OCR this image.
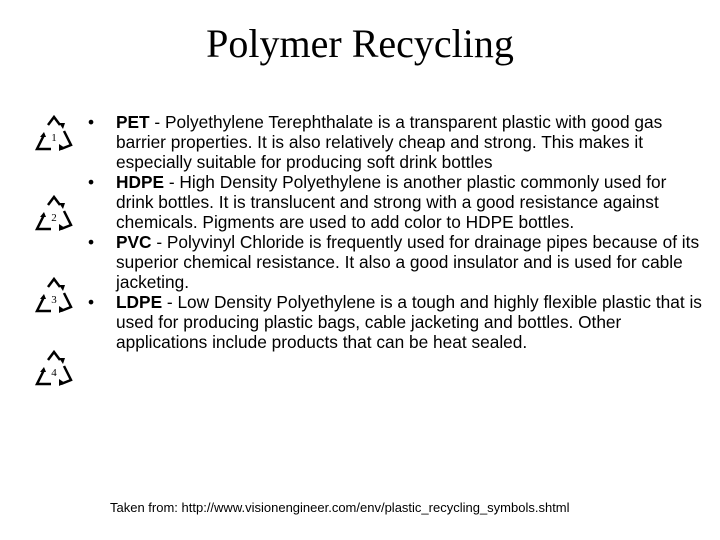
Polymer Recycling
1
2
3
4
•	PET - Polyethylene Terephthalate is a transparent plastic with good gas barrier properties. It is also relatively cheap and strong. This makes it especially suitable for producing soft drink bottles
•	HDPE - High Density Polyethylene is another plastic commonly used for drink bottles. It is translucent and strong with a good resistance against chemicals. Pigments are used to add color to HDPE bottles.
•	PVC - Polyvinyl Chloride is frequently used for drainage pipes because of its superior chemical resistance. It also a good insulator and is used for cable jacketing.
•	LDPE - Low Density Polyethylene is a tough and highly flexible plastic that is used for producing plastic bags, cable jacketing and bottles. Other applications include products that can be heat sealed.
Taken from: http://www.visionengineer.com/env/plastic_recycling_symbols.shtml
